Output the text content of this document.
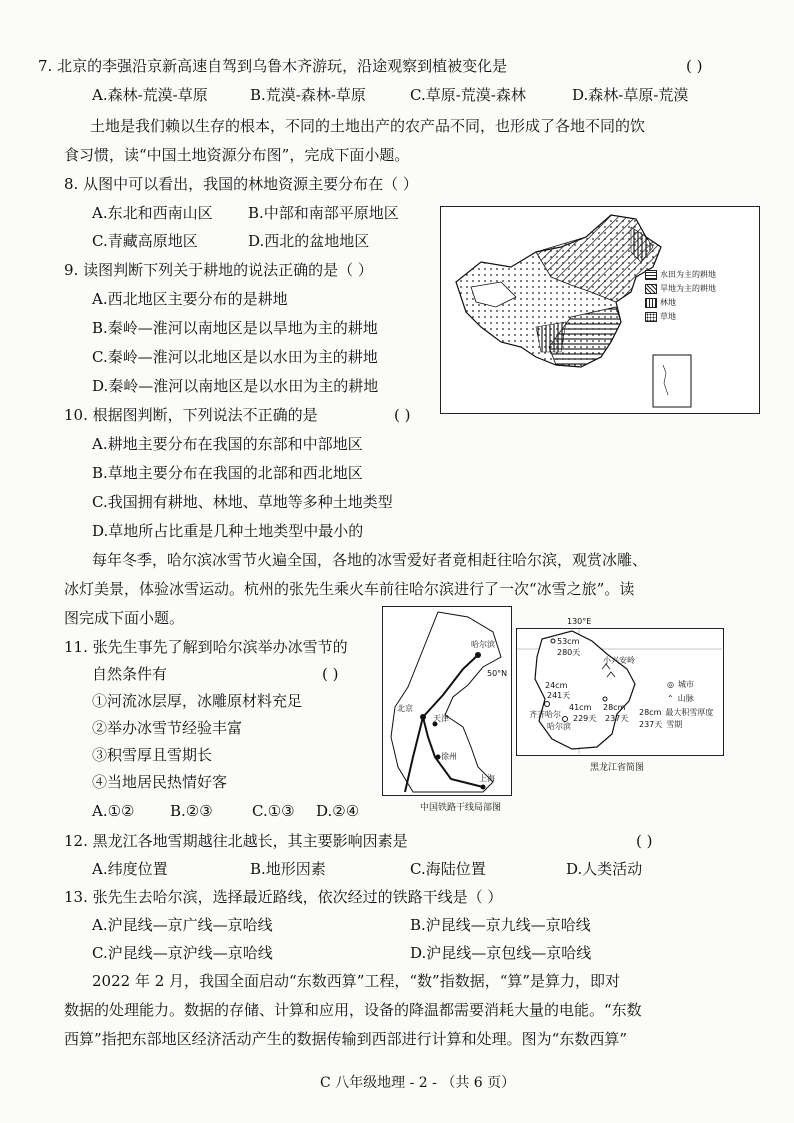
7. 北京的李强沿京新高速自驾到乌鲁木齐游玩，沿途观察到植被变化是	( )
A.森林-荒漠-草原	B.荒漠-森林-草原	C.草原-荒漠-森林	D.森林-草原-荒漠
土地是我们赖以生存的根本，不同的土地出产的农产品不同，也形成了各地不同的饮
食习惯，读“中国土地资源分布图”，完成下面小题。
8. 从图中可以看出，我国的林地资源主要分布在（ ）
A.东北和西南山区 B.中部和南部平原地区
C.青藏高原地区	D.西北的盆地地区
9. 读图判断下列关于耕地的说法正确的是（ ）
A.西北地区主要分布的是耕地
B.秦岭—淮河以南地区是以旱地为主的耕地
C.秦岭—淮河以北地区是以水田为主的耕地
D.秦岭—淮河以南地区是以水田为主的耕地
10. 根据图判断，下列说法不正确的是	( )
A.耕地主要分布在我国的东部和中部地区
B.草地主要分布在我国的北部和西北地区
C.我国拥有耕地、林地、草地等多种土地类型
D.草地所占比重是几种土地类型中最小的
水田为主的耕地
旱地为主的耕地
林地
草地
每年冬季，哈尔滨冰雪节火遍全国，各地的冰雪爱好者竟相赶往哈尔滨，观赏冰雕、
冰灯美景，体验冰雪运动。杭州的张先生乘火车前往哈尔滨进行了一次“冰雪之旅”。读
图完成下面小题。
11. 张先生事先了解到哈尔滨举办冰雪节的
自然条件有	( )
①河流冰层厚，冰雕原材料充足
②举办冰雪节经验丰富
③积雪厚且雪期长
④当地居民热情好客
A.①② B.②③	C.①③ D.②④
哈尔滨
北京
天津
徐州
上海
中国铁路干线局部图
130°E
50°N
53cm
280天
24cm
241天
齐齐哈尔
41cm
229天
哈尔滨
28cm
237天
小兴安岭
◎ 城市
⌃ 山脉
28cm 最大积雪厚度
237天 雪期
黑龙江省简图
12. 黑龙江各地雪期越往北越长，其主要影响因素是	( )
A.纬度位置	B.地形因素	C.海陆位置	D.人类活动
13. 张先生去哈尔滨，选择最近路线，依次经过的铁路干线是（ ）
A.沪昆线—京广线—京哈线	B.沪昆线—京九线—京哈线
C.沪昆线—京沪线—京哈线	D.沪昆线—京包线—京哈线
2022 年 2 月，我国全面启动“东数西算”工程，“数”指数据，“算”是算力，即对
数据的处理能力。数据的存储、计算和应用，设备的降温都需要消耗大量的电能。“东数
西算”指把东部地区经济活动产生的数据传输到西部进行计算和处理。图为“东数西算”
C 八年级地理 - 2 - （共 6 页）
